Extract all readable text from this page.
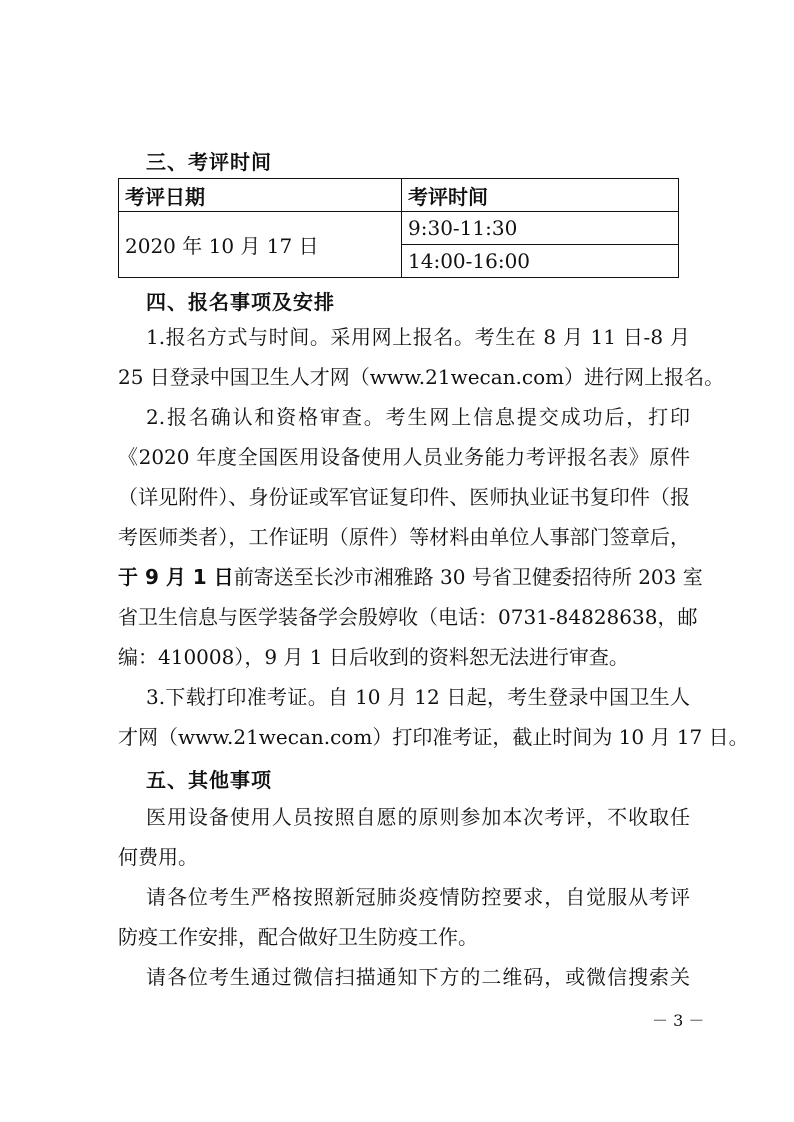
三、考评时间
考评日期	考评时间
2020 年 10 月 17 日	9:30-11:30
	14:00-16:00
四、报名事项及安排
1.报名方式与时间。采用网上报名。考生在 8 月 11 日-8 月
25 日登录中国卫生人才网（www.21wecan.com）进行网上报名。
2.报名确认和资格审查。考生网上信息提交成功后，打印
《2020 年度全国医用设备使用人员业务能力考评报名表》原件
（详见附件）、身份证或军官证复印件、医师执业证书复印件（报
考医师类者），工作证明（原件）等材料由单位人事部门签章后，
于 9 月 1 日前寄送至长沙市湘雅路 30 号省卫健委招待所 203 室
省卫生信息与医学装备学会殷婷收（电话：0731-84828638，邮
编：410008），9 月 1 日后收到的资料恕无法进行审查。
3.下载打印准考证。自 10 月 12 日起，考生登录中国卫生人
才网（www.21wecan.com）打印准考证，截止时间为 10 月 17 日。
五、其他事项
医用设备使用人员按照自愿的原则参加本次考评，不收取任
何费用。
请各位考生严格按照新冠肺炎疫情防控要求，自觉服从考评
防疫工作安排，配合做好卫生防疫工作。
请各位考生通过微信扫描通知下方的二维码，或微信搜索关
－ 3 －
